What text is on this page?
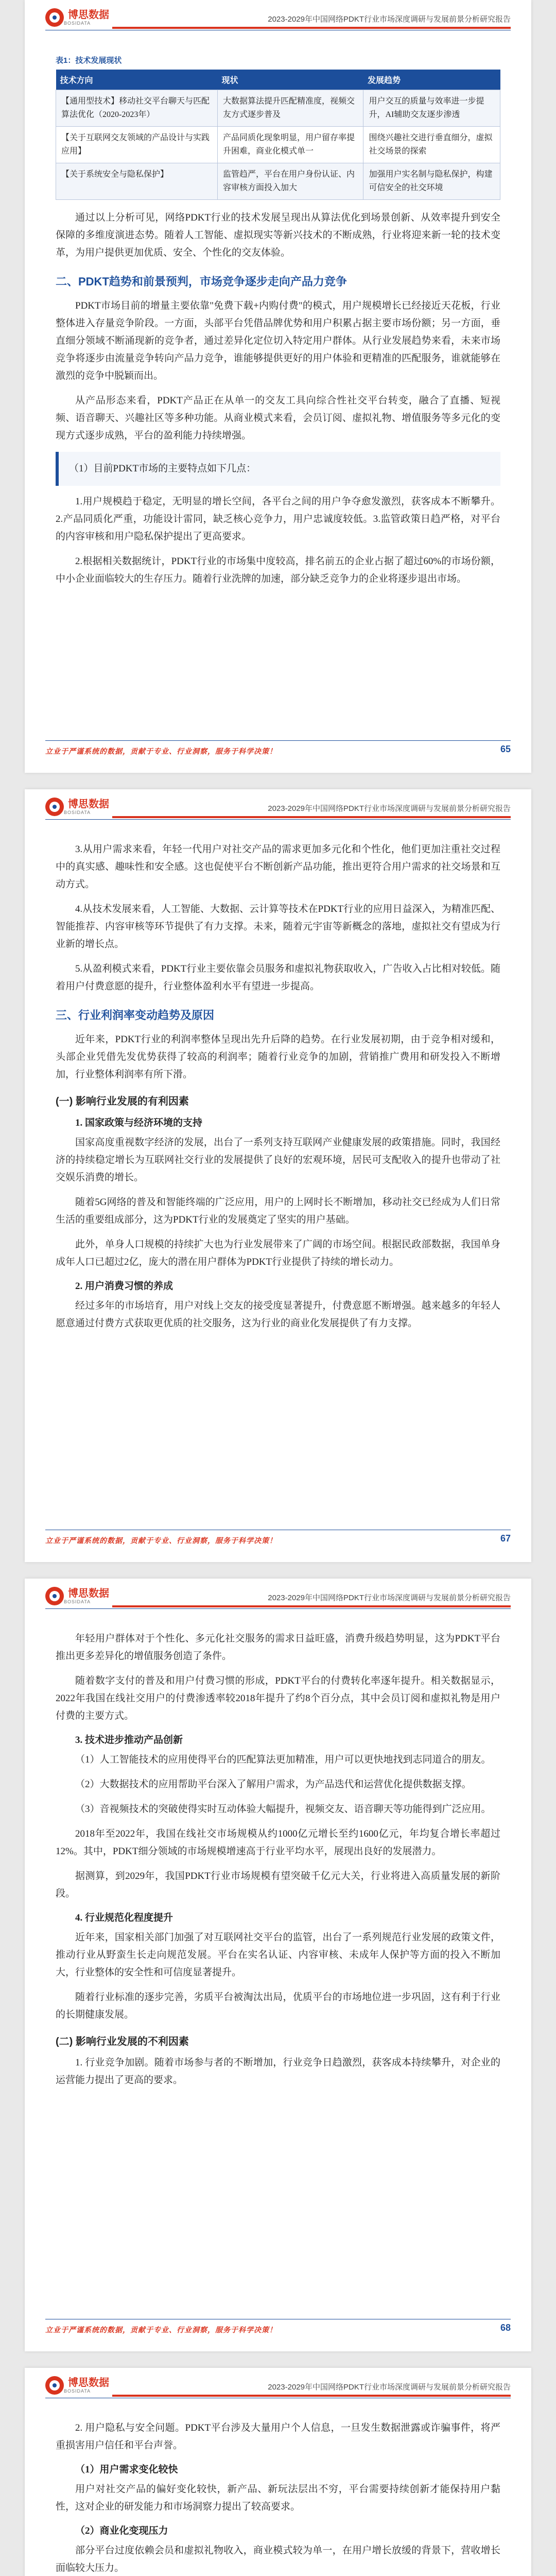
博思数据
BOSIDATA	2023-2029年中国网络PDKT行业市场深度调研与发展前景分析研究报告
表1：技术发展现状
技术方向	现状	发展趋势
【通用型技术】移动社交平台聊天与匹配算法优化（2020-2023年）	大数据算法提升匹配精准度，视频交友方式逐步普及	用户交互的质量与效率进一步提升，AI辅助交友逐步渗透
【关于互联网交友领域的产品设计与实践应用】	产品同质化现象明显，用户留存率提升困难，商业化模式单一	围绕兴趣社交进行垂直细分，虚拟社交场景的探索
【关于系统安全与隐私保护】	监管趋严，平台在用户身份认证、内容审核方面投入加大	加强用户实名制与隐私保护，构建可信安全的社交环境

通过以上分析可见，网络PDKT行业的技术发展呈现出从算法优化到场景创新、从效率提升到安全保障的多维度演进态势。随着人工智能、虚拟现实等新兴技术的不断成熟，行业将迎来新一轮的技术变革，为用户提供更加优质、安全、个性化的交友体验。

二、PDKT趋势和前景预判，市场竞争逐步走向产品力竞争

PDKT市场目前的增量主要依靠"免费下载+内购付费"的模式，用户规模增长已经接近天花板，行业整体进入存量竞争阶段。一方面，头部平台凭借品牌优势和用户积累占据主要市场份额；另一方面，垂直细分领域不断涌现新的竞争者，通过差异化定位切入特定用户群体。从行业发展趋势来看，未来市场竞争将逐步由流量竞争转向产品力竞争，谁能够提供更好的用户体验和更精准的匹配服务，谁就能够在激烈的竞争中脱颖而出。

从产品形态来看，PDKT产品正在从单一的交友工具向综合性社交平台转变，融合了直播、短视频、语音聊天、兴趣社区等多种功能。从商业模式来看，会员订阅、虚拟礼物、增值服务等多元化的变现方式逐步成熟，平台的盈利能力持续增强。

（1）目前PDKT市场的主要特点如下几点：

1.用户规模趋于稳定，无明显的增长空间，各平台之间的用户争夺愈发激烈，获客成本不断攀升。2.产品同质化严重，功能设计雷同，缺乏核心竞争力，用户忠诚度较低。3.监管政策日趋严格，对平台的内容审核和用户隐私保护提出了更高要求。

2.根据相关数据统计，PDKT行业的市场集中度较高，排名前五的企业占据了超过60%的市场份额，中小企业面临较大的生存压力。随着行业洗牌的加速，部分缺乏竞争力的企业将逐步退出市场。

立业于严谨系统的数据，贡献于专业、行业洞察，服务于科学决策！	65
博思数据
BOSIDATA	2023-2029年中国网络PDKT行业市场深度调研与发展前景分析研究报告

3.从用户需求来看，年轻一代用户对社交产品的需求更加多元化和个性化，他们更加注重社交过程中的真实感、趣味性和安全感。这也促使平台不断创新产品功能，推出更符合用户需求的社交场景和互动方式。

4.从技术发展来看，人工智能、大数据、云计算等技术在PDKT行业的应用日益深入，为精准匹配、智能推荐、内容审核等环节提供了有力支撑。未来，随着元宇宙等新概念的落地，虚拟社交有望成为行业新的增长点。

5.从盈利模式来看，PDKT行业主要依靠会员服务和虚拟礼物获取收入，广告收入占比相对较低。随着用户付费意愿的提升，行业整体盈利水平有望进一步提高。

三、行业利润率变动趋势及原因

近年来，PDKT行业的利润率整体呈现出先升后降的趋势。在行业发展初期，由于竞争相对缓和，头部企业凭借先发优势获得了较高的利润率；随着行业竞争的加剧，营销推广费用和研发投入不断增加，行业整体利润率有所下滑。

(一) 影响行业发展的有利因素
1. 国家政策与经济环境的支持

国家高度重视数字经济的发展，出台了一系列支持互联网产业健康发展的政策措施。同时，我国经济的持续稳定增长为互联网社交行业的发展提供了良好的宏观环境，居民可支配收入的提升也带动了社交娱乐消费的增长。

随着5G网络的普及和智能终端的广泛应用，用户的上网时长不断增加，移动社交已经成为人们日常生活的重要组成部分，这为PDKT行业的发展奠定了坚实的用户基础。

此外，单身人口规模的持续扩大也为行业发展带来了广阔的市场空间。根据民政部数据，我国单身成年人口已超过2亿，庞大的潜在用户群体为PDKT行业提供了持续的增长动力。

2. 用户消费习惯的养成

经过多年的市场培育，用户对线上交友的接受度显著提升，付费意愿不断增强。越来越多的年轻人愿意通过付费方式获取更优质的社交服务，这为行业的商业化发展提供了有力支撑。

立业于严谨系统的数据，贡献于专业、行业洞察，服务于科学决策！	67
博思数据
BOSIDATA	2023-2029年中国网络PDKT行业市场深度调研与发展前景分析研究报告

年轻用户群体对于个性化、多元化社交服务的需求日益旺盛，消费升级趋势明显，这为PDKT平台推出更多差异化的增值服务创造了条件。

随着数字支付的普及和用户付费习惯的形成，PDKT平台的付费转化率逐年提升。相关数据显示，2022年我国在线社交用户的付费渗透率较2018年提升了约8个百分点，其中会员订阅和虚拟礼物是用户付费的主要方式。

3. 技术进步推动产品创新

（1）人工智能技术的应用使得平台的匹配算法更加精准，用户可以更快地找到志同道合的朋友。

（2）大数据技术的应用帮助平台深入了解用户需求，为产品迭代和运营优化提供数据支撑。

（3）音视频技术的突破使得实时互动体验大幅提升，视频交友、语音聊天等功能得到广泛应用。

2018年至2022年，我国在线社交市场规模从约1000亿元增长至约1600亿元，年均复合增长率超过12%。其中，PDKT细分领域的市场规模增速高于行业平均水平，展现出良好的发展潜力。

据测算，到2029年，我国PDKT行业市场规模有望突破千亿元大关，行业将进入高质量发展的新阶段。

4. 行业规范化程度提升

近年来，国家相关部门加强了对互联网社交平台的监管，出台了一系列规范行业发展的政策文件，推动行业从野蛮生长走向规范发展。平台在实名认证、内容审核、未成年人保护等方面的投入不断加大，行业整体的安全性和可信度显著提升。

随着行业标准的逐步完善，劣质平台被淘汰出局，优质平台的市场地位进一步巩固，这有利于行业的长期健康发展。

(二) 影响行业发展的不利因素

1. 行业竞争加剧。随着市场参与者的不断增加，行业竞争日趋激烈，获客成本持续攀升，对企业的运营能力提出了更高的要求。

立业于严谨系统的数据，贡献于专业、行业洞察，服务于科学决策！	68
博思数据
BOSIDATA	2023-2029年中国网络PDKT行业市场深度调研与发展前景分析研究报告

2. 用户隐私与安全问题。PDKT平台涉及大量用户个人信息，一旦发生数据泄露或诈骗事件，将严重损害用户信任和平台声誉。

（1）用户需求变化较快

用户对社交产品的偏好变化较快，新产品、新玩法层出不穷，平台需要持续创新才能保持用户黏性，这对企业的研发能力和市场洞察力提出了较高要求。

（2）商业化变现压力

部分平台过度依赖会员和虚拟礼物收入，商业模式较为单一，在用户增长放缓的背景下，营收增长面临较大压力。
